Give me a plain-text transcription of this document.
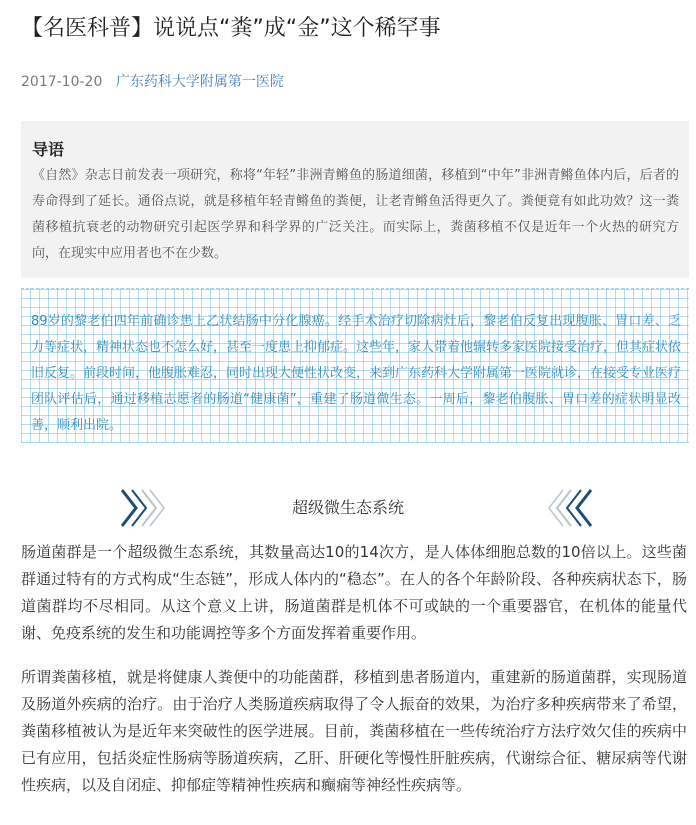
【名医科普】说说点“粪”成“金”这个稀罕事
2017-10-20 广东药科大学附属第一医院
导语

《自然》杂志日前发表一项研究，称将“年轻”非洲青鳉鱼的肠道细菌，移植到“中年”非洲青鳉鱼体内后，后者的寿命得到了延长。通俗点说，就是移植年轻青鳉鱼的粪便，让老青鳉鱼活得更久了。粪便竟有如此功效？这一粪菌移植抗衰老的动物研究引起医学界和科学界的广泛关注。而实际上，粪菌移植不仅是近年一个火热的研究方向，在现实中应用者也不在少数。

89岁的黎老伯四年前确诊患上乙状结肠中分化腺癌。经手术治疗切除病灶后，黎老伯反复出现腹胀、胃口差、乏力等症状，精神状态也不怎么好，甚至一度患上抑郁症。这些年，家人带着他辗转多家医院接受治疗，但其症状依旧反复。前段时间，他腹胀难忍，同时出现大便性状改变，来到广东药科大学附属第一医院就诊，在接受专业医疗团队评估后，通过移植志愿者的肠道“健康菌”，重建了肠道微生态。一周后，黎老伯腹胀、胃口差的症状明显改善，顺利出院。

超级微生态系统

肠道菌群是一个超级微生态系统，其数量高达10的14次方，是人体体细胞总数的10倍以上。这些菌群通过特有的方式构成“生态链”，形成人体内的“稳态”。在人的各个年龄阶段、各种疾病状态下，肠道菌群均不尽相同。从这个意义上讲，肠道菌群是机体不可或缺的一个重要器官，在机体的能量代谢、免疫系统的发生和功能调控等多个方面发挥着重要作用。

所谓粪菌移植，就是将健康人粪便中的功能菌群，移植到患者肠道内，重建新的肠道菌群，实现肠道及肠道外疾病的治疗。由于治疗人类肠道疾病取得了令人振奋的效果，为治疗多种疾病带来了希望，粪菌移植被认为是近年来突破性的医学进展。目前，粪菌移植在一些传统治疗方法疗效欠佳的疾病中已有应用，包括炎症性肠病等肠道疾病，乙肝、肝硬化等慢性肝脏疾病，代谢综合征、糖尿病等代谢性疾病，以及自闭症、抑郁症等精神性疾病和癫痫等神经性疾病等。
